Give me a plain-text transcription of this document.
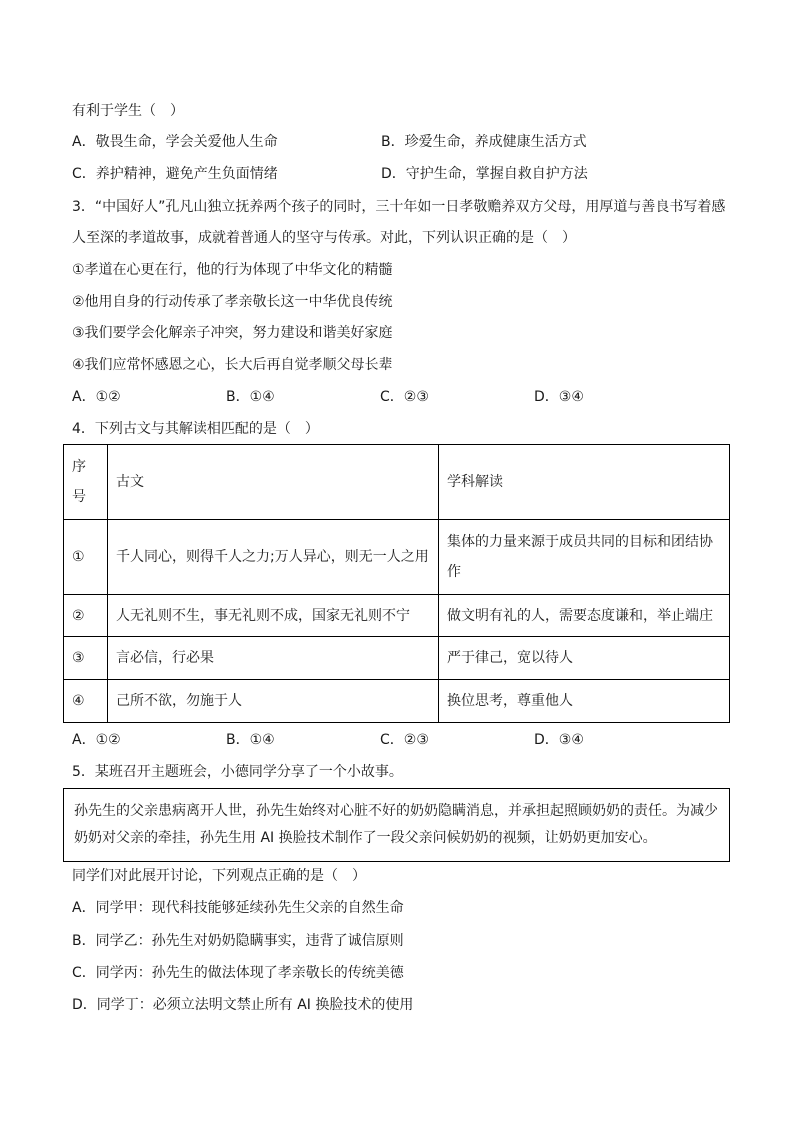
有利于学生（　）
A．敬畏生命，学会关爱他人生命	B．珍爱生命，养成健康生活方式
C．养护精神，避免产生负面情绪	D．守护生命，掌握自救自护方法
3．“中国好人”孔凡山独立抚养两个孩子的同时，三十年如一日孝敬赡养双方父母，用厚道与善良书写着感
人至深的孝道故事，成就着普通人的坚守与传承。对此，下列认识正确的是（　）
①孝道在心更在行，他的行为体现了中华文化的精髓
②他用自身的行动传承了孝亲敬长这一中华优良传统
③我们要学会化解亲子冲突，努力建设和谐美好家庭
④我们应常怀感恩之心，长大后再自觉孝顺父母长辈
A．①②	B．①④	C．②③	D．③④
4．下列古文与其解读相匹配的是（　）
序
号	古文	学科解读
①	千人同心，则得千人之力;万人异心，则无一人之用	集体的力量来源于成员共同的目标和团结协
作

②	人无礼则不生，事无礼则不成，国家无礼则不宁	做文明有礼的人，需要态度谦和，举止端庄
③	言必信，行必果	严于律己，宽以待人
④	己所不欲，勿施于人	换位思考，尊重他人
A．①②	B．①④	C．②③	D．③④
5．某班召开主题班会，小德同学分享了一个小故事。
孙先生的父亲患病离开人世，孙先生始终对心脏不好的奶奶隐瞒消息，并承担起照顾奶奶的责任。为减少
奶奶对父亲的牵挂，孙先生用 AI 换脸技术制作了一段父亲问候奶奶的视频，让奶奶更加安心。
同学们对此展开讨论，下列观点正确的是（　）
A．同学甲：现代科技能够延续孙先生父亲的自然生命
B．同学乙：孙先生对奶奶隐瞒事实，违背了诚信原则
C．同学丙：孙先生的做法体现了孝亲敬长的传统美德
D．同学丁：必须立法明文禁止所有 AI 换脸技术的使用
